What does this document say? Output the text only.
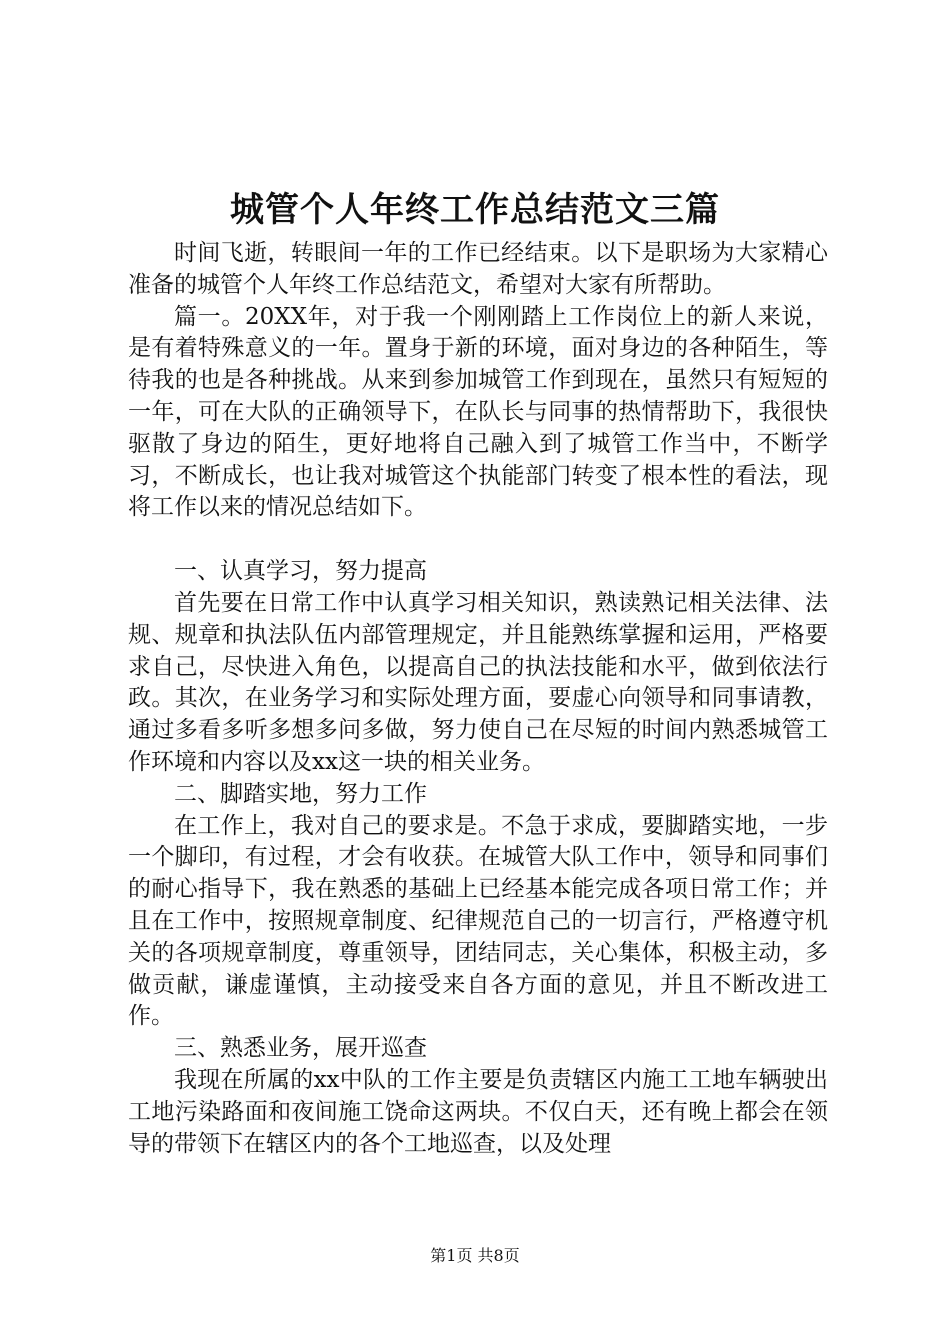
城管个人年终工作总结范文三篇

时间飞逝，转眼间一年的工作已经结束。以下是职场为大家精心准备的城管个人年终工作总结范文，希望对大家有所帮助。

篇一。20XX年，对于我一个刚刚踏上工作岗位上的新人来说，是有着特殊意义的一年。置身于新的环境，面对身边的各种陌生，等待我的也是各种挑战。从来到参加城管工作到现在，虽然只有短短的一年，可在大队的正确领导下，在队长与同事的热情帮助下，我很快驱散了身边的陌生，更好地将自己融入到了城管工作当中，不断学习，不断成长，也让我对城管这个执能部门转变了根本性的看法，现将工作以来的情况总结如下。

一、认真学习，努力提高

首先要在日常工作中认真学习相关知识，熟读熟记相关法律、法规、规章和执法队伍内部管理规定，并且能熟练掌握和运用，严格要求自己，尽快进入角色，以提高自己的执法技能和水平，做到依法行政。其次，在业务学习和实际处理方面，要虚心向领导和同事请教，通过多看多听多想多问多做，努力使自己在尽短的时间内熟悉城管工作环境和内容以及xx这一块的相关业务。

二、脚踏实地，努力工作

在工作上，我对自己的要求是。不急于求成，要脚踏实地，一步一个脚印，有过程，才会有收获。在城管大队工作中，领导和同事们的耐心指导下，我在熟悉的基础上已经基本能完成各项日常工作；并且在工作中，按照规章制度、纪律规范自己的一切言行，严格遵守机关的各项规章制度，尊重领导，团结同志，关心集体，积极主动，多做贡献，谦虚谨慎，主动接受来自各方面的意见，并且不断改进工作。

三、熟悉业务，展开巡查

我现在所属的xx中队的工作主要是负责辖区内施工工地车辆驶出工地污染路面和夜间施工饶命这两块。不仅白天，还有晚上都会在领导的带领下在辖区内的各个工地巡查，以及处理

第1页 共8页
